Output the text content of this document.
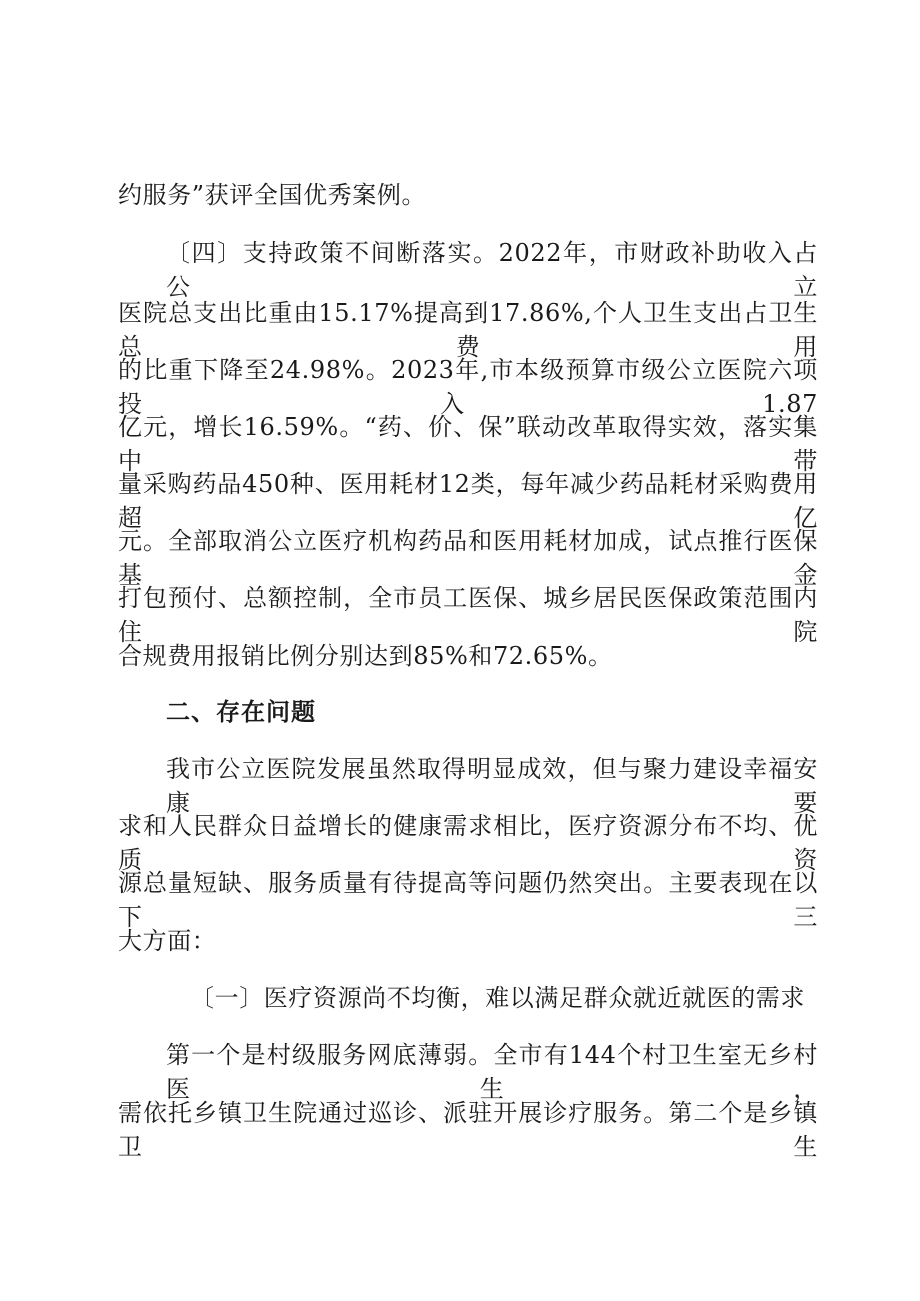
约服务”获评全国优秀案例。
〔四〕支持政策不间断落实。2022年，市财政补助收入占公立
医院总支出比重由15.17%提高到17.86%,个人卫生支出占卫生总费用
的比重下降至24.98%。2023年,市本级预算市级公立医院六项投入1.87
亿元，增长16.59%。“药、价、保”联动改革取得实效，落实集中带
量采购药品450种、医用耗材12类，每年减少药品耗材采购费用超亿
元。全部取消公立医疗机构药品和医用耗材加成，试点推行医保基金
打包预付、总额控制，全市员工医保、城乡居民医保政策范围内住院
合规费用报销比例分别达到85%和72.65%。
二、存在问题
我市公立医院发展虽然取得明显成效，但与聚力建设幸福安康要
求和人民群众日益增长的健康需求相比，医疗资源分布不均、优质资
源总量短缺、服务质量有待提高等问题仍然突出。主要表现在以下三
大方面：
〔一〕医疗资源尚不均衡，难以满足群众就近就医的需求
第一个是村级服务网底薄弱。全市有144个村卫生室无乡村医生，
需依托乡镇卫生院通过巡诊、派驻开展诊疗服务。第二个是乡镇卫生
